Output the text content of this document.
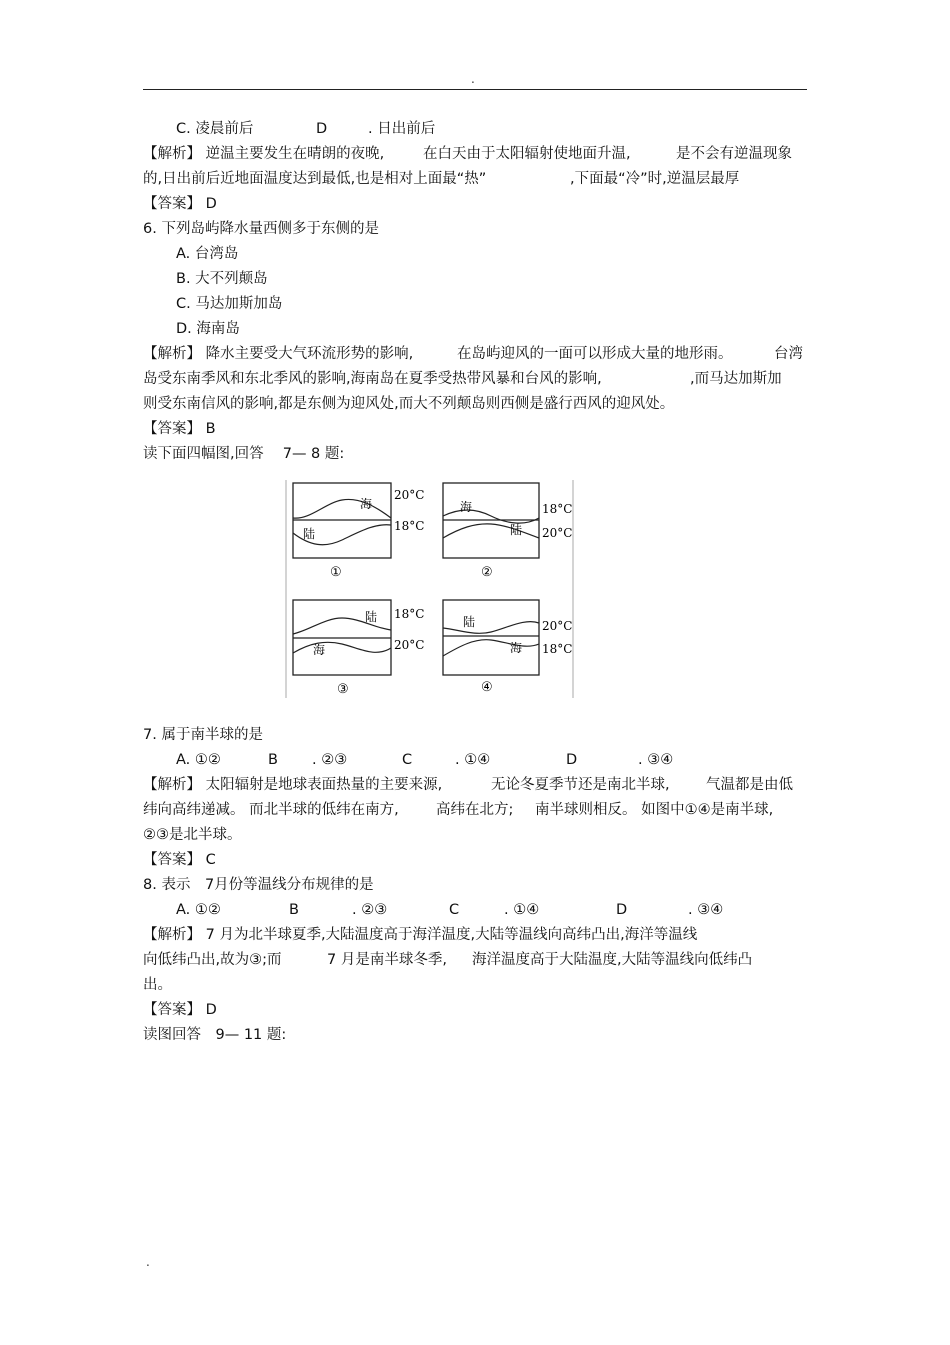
.
C. 凌晨前后	D	. 日出前后
【解析】 逆温主要发生在晴朗的夜晚,	在白天由于太阳辐射使地面升温,	是不会有逆温现象
的,日出前后近地面温度达到最低,也是相对上面最“热”	,下面最“冷”时,逆温层最厚
【答案】 D
6. 下列岛屿降水量西侧多于东侧的是
A. 台湾岛
B. 大不列颠岛
C. 马达加斯加岛
D. 海南岛
【解析】 降水主要受大气环流形势的影响,	在岛屿迎风的一面可以形成大量的地形雨。	台湾
岛受东南季风和东北季风的影响,海南岛在夏季受热带风暴和台风的影响,	,而马达加斯加
则受东南信风的影响,都是东侧为迎风处,而大不列颠岛则西侧是盛行西风的迎风处。
【答案】 B
读下面四幅图,回答　 7— 8 题:
海
陆
20°C
18°C
①
海
陆
18°C
20°C
②
陆
海
18°C
20°C
③
陆
海
20°C
18°C
④
7. 属于南半球的是
A. ①②	B . ②③	C	. ①④	D	. ③④
【解析】 太阳辐射是地球表面热量的主要来源,	无论冬夏季节还是南北半球,	气温都是由低
纬向高纬递减。 而北半球的低纬在南方,	高纬在北方; 南半球则相反。 如图中①④是南半球,
②③是北半球。
【答案】 C
8. 表示　7月份等温线分布规律的是
A. ①②	B	. ②③	C	. ①④	D	. ③④
【解析】 7 月为北半球夏季,大陆温度高于海洋温度,大陆等温线向高纬凸出,海洋等温线
向低纬凸出,故为③;而	7 月是南半球冬季, 海洋温度高于大陆温度,大陆等温线向低纬凸
出。
【答案】 D
读图回答　9— 11 题:
.
